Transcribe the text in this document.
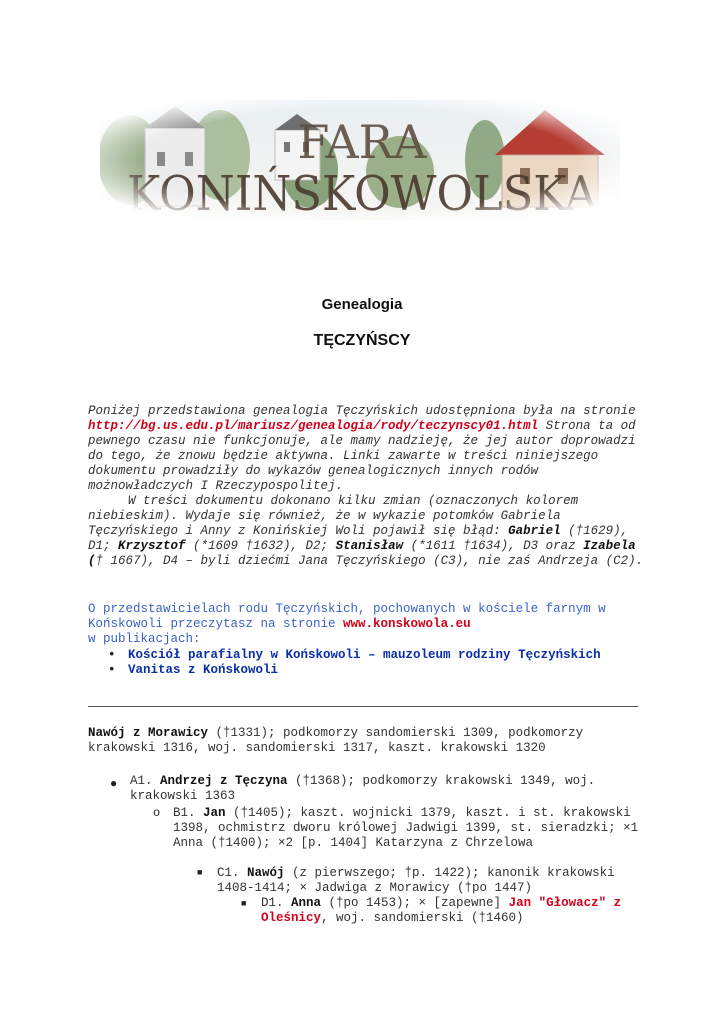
Genealogia
TĘCZYŃSCY

Poniżej przedstawiona genealogia Tęczyńskich udostępniona była na stronie http://bg.us.edu.pl/mariusz/genealogia/rody/teczynscy01.html Strona ta od pewnego czasu nie funkcjonuje, ale mamy nadzieję, że jej autor doprowadzi do tego, że znowu będzie aktywna. Linki zawarte w treści niniejszego dokumentu prowadziły do wykazów genealogicznych innych rodów możnowładczych I Rzeczypospolitej.

W treści dokumentu dokonano kilku zmian (oznaczonych kolorem niebieskim). Wydaje się również, że w wykazie potomków Gabriela Tęczyńskiego i Anny z Konińskiej Woli pojawił się błąd: Gabriel (†1629), D1; Krzysztof (*1609 †1632), D2; Stanisław (*1611 †1634), D3 oraz Izabela († 1667), D4 – byli dziećmi Jana Tęczyńskiego (C3), nie zaś Andrzeja (C2).

O przedstawicielach rodu Tęczyńskich, pochowanych w kościele farnym w Końskowoli przeczytasz na stronie www.konskowola.eu

w publikacjach:

• Kościół parafialny w Końskowoli – mauzoleum rodziny Tęczyńskich
• Vanitas z Końskowoli
Nawój z Morawicy (†1331); podkomorzy sandomierski 1309, podkomorzy krakowski 1316, woj. sandomierski 1317, kaszt. krakowski 1320
● A1. Andrzej z Tęczyna (†1368); podkomorzy krakowski 1349, woj. krakowski 1363
o B1. Jan (†1405); kaszt. wojnicki 1379, kaszt. i st. krakowski 1398, ochmistrz dworu królowej Jadwigi 1399, st. sieradzki; ×1 Anna (†1400); ×2 [p. 1404] Katarzyna z Chrzelowa
■ C1. Nawój (z pierwszego; †p. 1422); kanonik krakowski 1408-1414; × Jadwiga z Morawicy (†po 1447)
■ D1. Anna (†po 1453); × [zapewne] Jan "Głowacz" z Oleśnicy, woj. sandomierski (†1460)
